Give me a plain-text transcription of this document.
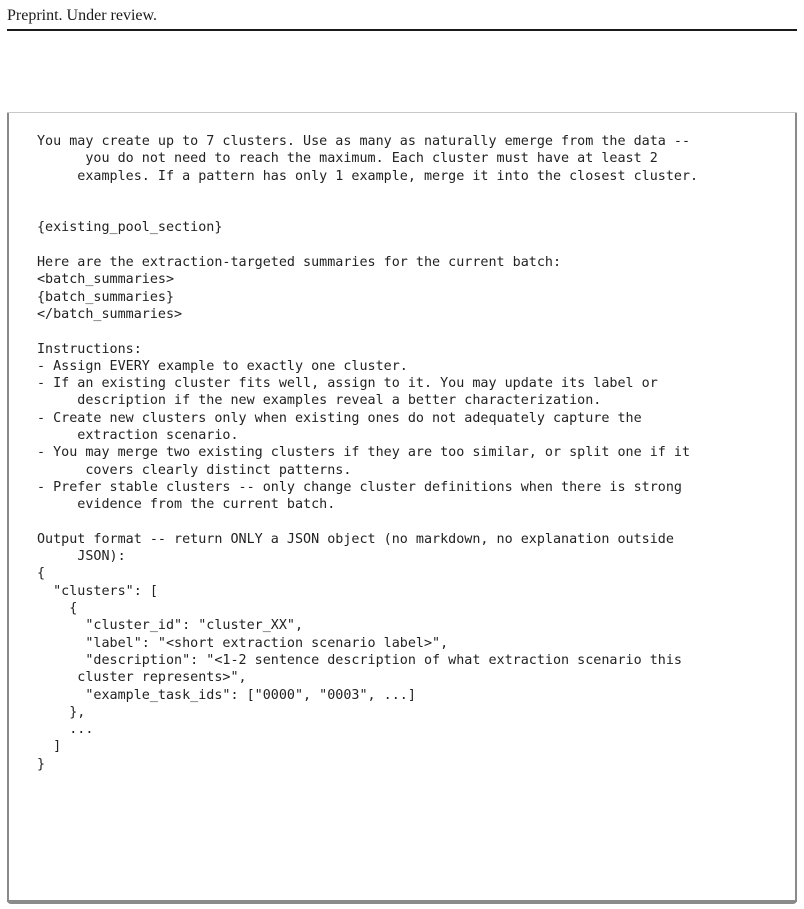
Preprint. Under review.
You may create up to 7 clusters. Use as many as naturally emerge from the data --
you do not need to reach the maximum. Each cluster must have at least 2
examples. If a pattern has only 1 example, merge it into the closest cluster.
{existing_pool_section}
Here are the extraction-targeted summaries for the current batch:
<batch_summaries>
{batch_summaries}
</batch_summaries>
Instructions:
- Assign EVERY example to exactly one cluster.
- If an existing cluster fits well, assign to it. You may update its label or
description if the new examples reveal a better characterization.
- Create new clusters only when existing ones do not adequately capture the
extraction scenario.
- You may merge two existing clusters if they are too similar, or split one if it
covers clearly distinct patterns.
- Prefer stable clusters -- only change cluster definitions when there is strong
evidence from the current batch.
Output format -- return ONLY a JSON object (no markdown, no explanation outside
JSON):
{
"clusters": [
{
"cluster_id": "cluster_XX",
"label": "<short extraction scenario label>",
"description": "<1-2 sentence description of what extraction scenario this
cluster represents>",
"example_task_ids": ["0000", "0003", ...]
},
...
]
}
